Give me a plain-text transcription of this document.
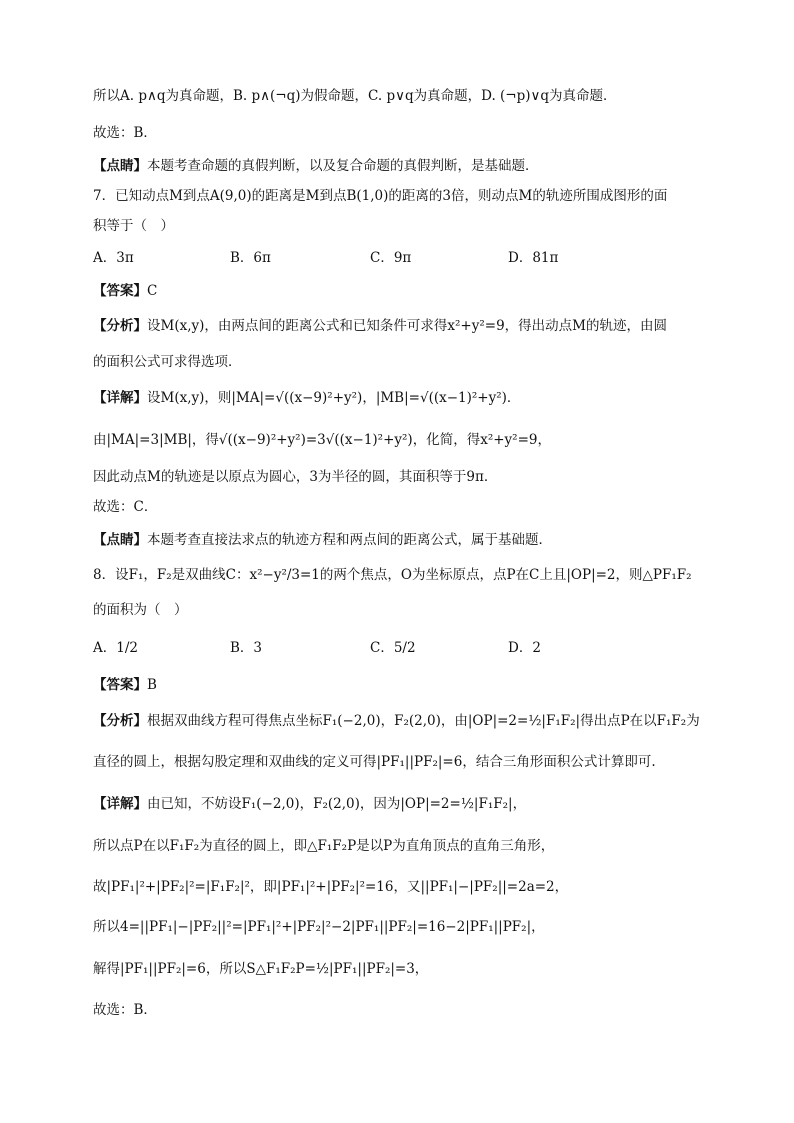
所以A. p∧q为真命题，B. p∧(¬q)为假命题，C. p∨q为真命题，D. (¬p)∨q为真命题．
故选：B．
【点睛】本题考查命题的真假判断，以及复合命题的真假判断，是基础题．
7．已知动点M到点A(9,0)的距离是M到点B(1,0)的距离的3倍，则动点M的轨迹所围成图形的面
积等于（　）
A．3π	B．6π	C．9π	D．81π
【答案】C
【分析】设M(x,y)，由两点间的距离公式和已知条件可求得x²+y²=9，得出动点M的轨迹，由圆
的面积公式可求得选项．
【详解】设M(x,y)，则|MA|=√((x−9)²+y²)，|MB|=√((x−1)²+y²)．
由|MA|=3|MB|，得√((x−9)²+y²)=3√((x−1)²+y²)，化简，得x²+y²=9，
因此动点M的轨迹是以原点为圆心，3为半径的圆，其面积等于9π．
故选：C．
【点睛】本题考查直接法求点的轨迹方程和两点间的距离公式，属于基础题．
8．设F₁，F₂是双曲线C：x²−y²/3=1的两个焦点，O为坐标原点，点P在C上且|OP|=2，则△PF₁F₂
的面积为（　）
A．1/2	B．3	C．5/2	D．2
【答案】B
【分析】根据双曲线方程可得焦点坐标F₁(−2,0)，F₂(2,0)，由|OP|=2=½|F₁F₂|得出点P在以F₁F₂为
直径的圆上，根据勾股定理和双曲线的定义可得|PF₁||PF₂|=6，结合三角形面积公式计算即可.
【详解】由已知，不妨设F₁(−2,0)，F₂(2,0)，因为|OP|=2=½|F₁F₂|，
所以点P在以F₁F₂为直径的圆上，即△F₁F₂P是以P为直角顶点的直角三角形，
故|PF₁|²+|PF₂|²=|F₁F₂|²，即|PF₁|²+|PF₂|²=16，又||PF₁|−|PF₂||=2a=2，
所以4=||PF₁|−|PF₂||²=|PF₁|²+|PF₂|²−2|PF₁||PF₂|=16−2|PF₁||PF₂|，
解得|PF₁||PF₂|=6，所以S△F₁F₂P=½|PF₁||PF₂|=3，
故选：B．
